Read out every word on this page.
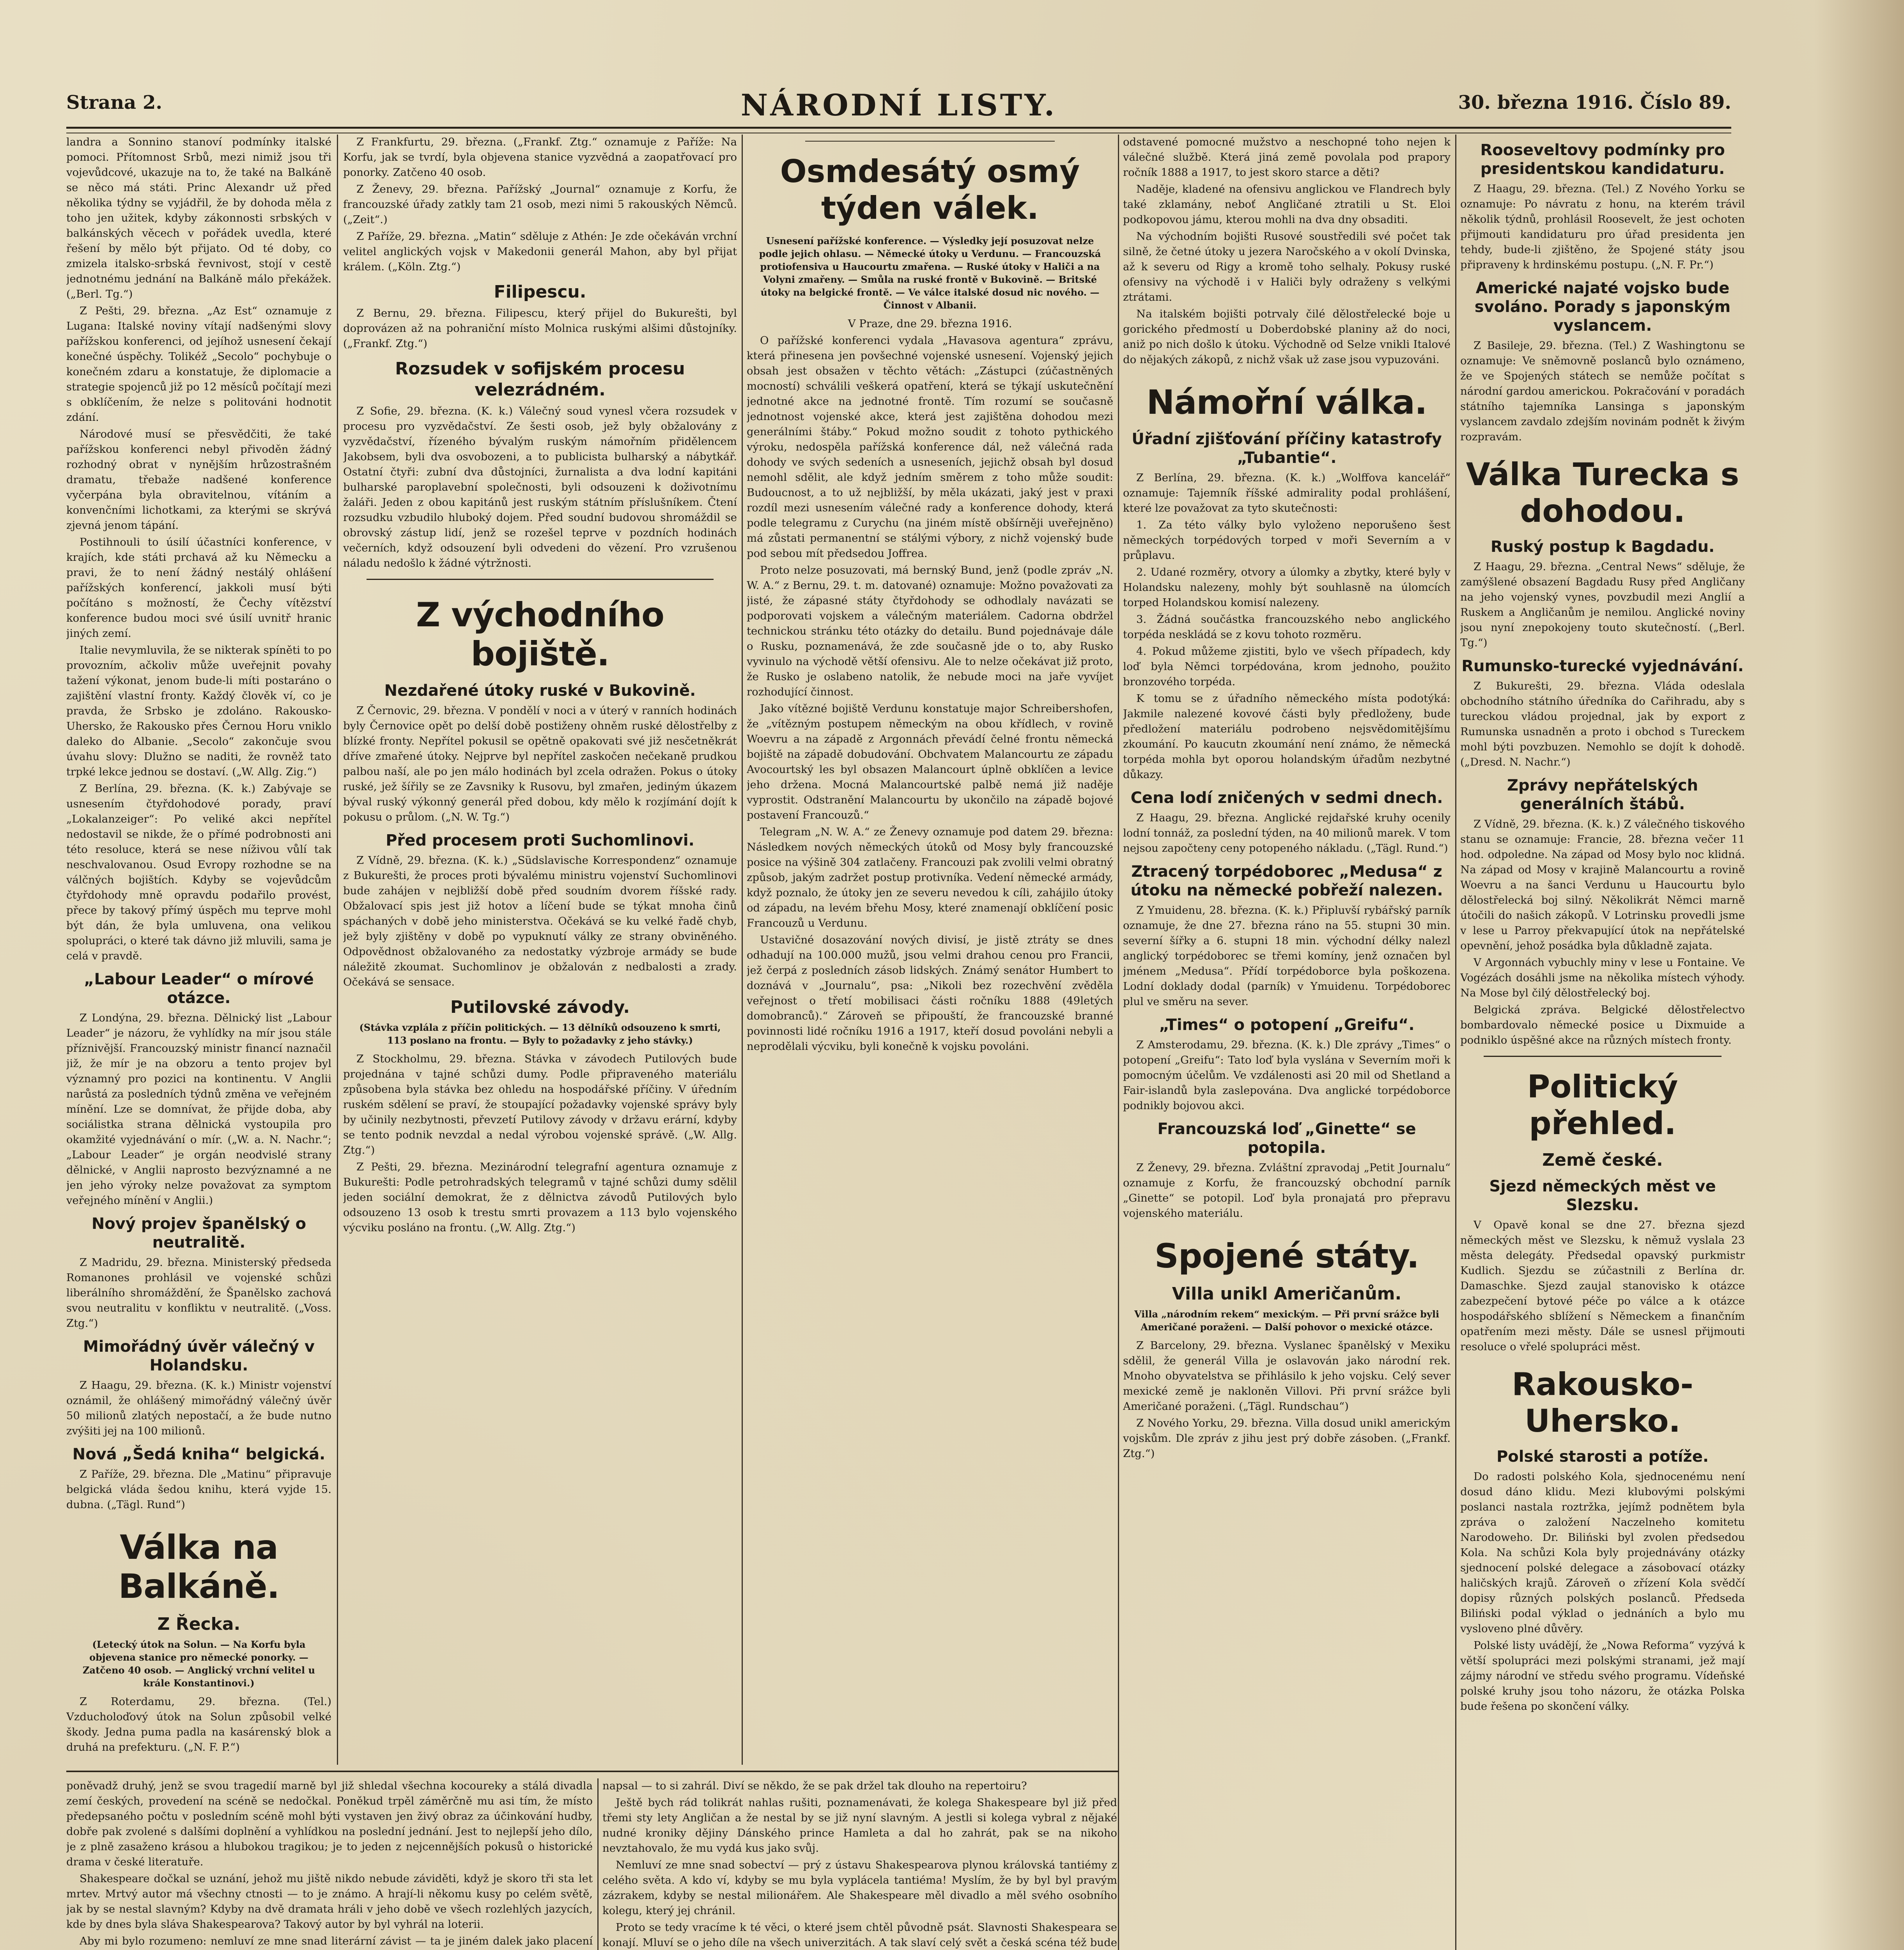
Strana 2.	NÁRODNÍ LISTY.	30. března 1916. Číslo 89.

landra a Sonnino stanoví podmínky italské pomoci. Přítomnost Srbů, mezi nimiž jsou tři vojevůdcové, ukazuje na to, že také na Balkáně se něco má státi. Princ Alexandr už před několika týdny se vyjádřil, že by dohoda měla z toho jen užitek, kdyby zákonnosti srbských v balkánských věcech v pořádek uvedla, které řešení by mělo být přijato. Od té doby, co zmizela italsko-srbská řevnivost, stojí v cestě jednotnému jednání na Balkáně málo překážek. („Berl. Tg.“)

Z Pešti, 29. března. „Az Est“ oznamuje z Lugana: Italské noviny vítají nadšenými slovy pařížskou konferenci, od jejíhož usnesení čekají konečné úspěchy. Tolikéž „Secolo“ pochybuje o konečném zdaru a konstatuje, že diplomacie a strategie spojenců již po 12 měsíců počítají mezi s obklíčením, že nelze s politováni hodnotit zdání.

Národové musí se přesvědčiti, že také pařížskou konferenci nebyl přivoděn žádný rozhodný obrat v nynějším hrůzostrašném dramatu, třebaže nadšené konference vyčerpána byla obravitelnou, vítáním a konvenčními lichotkami, za kterými se skrývá zjevná jenom tápání.

Postihnouli to úsilí účastníci konference, v krajích, kde státi prchavá až ku Německu a pravi, že to není žádný nestálý ohlášení pařížských konferencí, jakkoli musí býti počítáno s možností, že Čechy vítězství konference budou moci své úsilí uvnitř hranic jiných zemí.

Italie nevymluvila, že se nikterak spíněti to po provozním, ačkoliv může uveřejnit povahy tažení výkonat, jenom bude-li míti postaráno o zajištění vlastní fronty. Každý člověk ví, co je pravda, že Srbsko je zdoláno. Rakousko-Uhersko, že Rakousko přes Černou Horu vniklo daleko do Albanie. „Secolo“ zakončuje svou úvahu slovy: Dlužno se naditi, že rovněž tato trpké lekce jednou se dostaví. („W. Allg. Zig.“)

Z Berlína, 29. března. (K. k.) Zabývaje se usnesením čtyřdohodové porady, praví „Lokalanzeiger“: Po veliké akci nepřítel nedostavil se nikde, že o přímé podrobnosti ani této resoluce, která se nese níživou vůlí tak neschvalovanou. Osud Evropy rozhodne se na válčných bojištích. Kdyby se vojevůdcům čtyřdohody mně opravdu podařilo provést, přece by takový přímý úspěch mu teprve mohl být dán, že byla umluvena, ona velikou spolupráci, o které tak dávno již mluvili, sama je celá v pravdě.

„Labour Leader“ o mírové otázce.

Z Londýna, 29. března. Dělnický list „Labour Leader“ je názoru, že vyhlídky na mír jsou stále příznivější. Francouzský ministr financí naznačil již, že mír je na obzoru a tento projev byl významný pro pozici na kontinentu. V Anglii narůstá za posledních týdnů změna ve veřejném mínění. Lze se domnívat, že přijde doba, aby sociálistka strana dělnická vystoupila pro okamžité vyjednávání o mír. („W. a. N. Nachr.“; „Labour Leader“ je orgán neodvislé strany dělnické, v Anglii naprosto bezvýznamné a ne jen jeho výroky nelze považovat za symptom veřejného mínění v Anglii.)

Nový projev španělský o neutralitě.

Z Madridu, 29. března. Ministerský předseda Romanones prohlásil ve vojenské schůzi liberálního shromáždění, že Španělsko zachová svou neutralitu v konfliktu v neutralitě. („Voss. Ztg.“)

Mimořádný úvěr válečný v Holandsku.

Z Haagu, 29. března. (K. k.) Ministr vojenství oznámil, že ohlášený mimořádný válečný úvěr 50 milionů zlatých nepostačí, a že bude nutno zvýšiti jej na 100 milionů.

Nová „Šedá kniha“ belgická.

Z Paříže, 29. března. Dle „Matinu“ připravuje belgická vláda šedou knihu, která vyjde 15. dubna. („Tägl. Rund“)

Válka na Balkáně.
Z Řecka.
(Letecký útok na Solun. — Na Korfu byla objevena stanice pro německé ponorky. — Zatčeno 40 osob. — Anglický vrchní velitel u krále Konstantinovi.)

Z Roterdamu, 29. března. (Tel.) Vzducholoďový útok na Solun způsobil velké škody. Jedna puma padla na kasárenský blok a druhá na prefekturu. („N. F. P.“)

Z Frankfurtu, 29. března. („Frankf. Ztg.“ oznamuje z Paříže: Na Korfu, jak se tvrdí, byla objevena stanice vyzvědná a zaopatřovací pro ponorky. Zatčeno 40 osob.

Z Ženevy, 29. března. Pařížský „Journal“ oznamuje z Korfu, že francouzské úřady zatkly tam 21 osob, mezi nimi 5 rakouských Němců. („Zeit“.)

Z Paříže, 29. března. „Matin“ sděluje z Athén: Je zde očekáván vrchní velitel anglických vojsk v Makedonii generál Mahon, aby byl přijat králem. („Köln. Ztg.“)

Filipescu.

Z Bernu, 29. března. Filipescu, který přijel do Bukurešti, byl doprovázen až na pohraniční místo Molnica ruskými alšimi důstojníky. („Frankf. Ztg.“)

Rozsudek v sofijském procesu velezrádném.

Z Sofie, 29. března. (K. k.) Válečný soud vynesl včera rozsudek v procesu pro vyzvědačství. Ze šesti osob, jež byly obžalovány z vyzvědačství, řízeného bývalým ruským námořním přidělencem Jakobsem, byli dva osvobozeni, a to publicista bulharský a nábytkář. Ostatní čtyři: zubní dva důstojníci, žurnalista a dva lodní kapitáni bulharské paroplavební společnosti, byli odsouzeni k doživotnímu žaláři. Jeden z obou kapitánů jest ruským státním příslušníkem. Čtení rozsudku vzbudilo hluboký dojem. Před soudní budovou shromáždil se obrovský zástup lidí, jenž se rozešel teprve v pozdních hodinách večerních, když odsouzení byli odvedeni do vězení. Pro vzrušenou náladu nedošlo k žádné výtržnosti.

Z východního bojiště.
Nezdařené útoky ruské v Bukovině.

Z Černovic, 29. března. V pondělí v noci a v úterý v ranních hodinách byly Černovice opět po delší době postiženy ohněm ruské dělostřelby z blízké fronty. Nepřítel pokusil se opětně opakovati své již nesčetněkrát dříve zmařené útoky. Nejprve byl nepřítel zaskočen nečekaně prudkou palbou naší, ale po jen málo hodinách byl zcela odražen. Pokus o útoky ruské, jež šířily se ze Zavsniky k Rusovu, byl zmařen, jediným úkazem býval ruský výkonný generál před dobou, kdy mělo k rozjímání dojít k pokusu o průlom. („N. W. Tg.“)

Před procesem proti Suchomlinovi.

Z Vídně, 29. března. (K. k.) „Südslavische Korrespondenz“ oznamuje z Bukurešti, že proces proti bývalému ministru vojenství Suchomlinovi bude zahájen v nejbližší době před soudním dvorem říšské rady. Obžalovací spis jest již hotov a líčení bude se týkat mnoha činů spáchaných v době jeho ministerstva. Očekává se ku velké řadě chyb, jež byly zjištěny v době po vypuknutí války ze strany obviněného. Odpovědnost obžalovaného za nedostatky výzbroje armády se bude náležitě zkoumat. Suchomlinov je obžalován z nedbalosti a zrady. Očekává se sensace.

Putilovské závody.
(Stávka vzplála z příčin politických. — 13 dělníků odsouzeno k smrti, 113 poslano na frontu. — Byly to požadavky z jeho stávky.)

Z Stockholmu, 29. března. Stávka v závodech Putilových bude projednána v tajné schůzi dumy. Podle připraveného materiálu způsobena byla stávka bez ohledu na hospodářské příčiny. V úředním ruském sdělení se praví, že stoupající požadavky vojenské správy byly by učinily nezbytnosti, převzetí Putilovy závody v državu erární, kdyby se tento podnik nevzdal a nedal výrobou vojenské správě. („W. Allg. Ztg.“)

Z Pešti, 29. března. Mezinárodní telegrafní agentura oznamuje z Bukurešti: Podle petrohradských telegramů v tajné schůzi dumy sdělil jeden sociální demokrat, že z dělnictva závodů Putilových bylo odsouzeno 13 osob k trestu smrti provazem a 113 bylo vojenského výcviku posláno na frontu. („W. Allg. Ztg.“)

Osmdesátý osmý týden válek.
Usnesení pařížské konference. — Výsledky její posuzovat nelze podle jejich ohlasu. — Německé útoky u Verdunu. — Francouzská protiofensiva u Haucourtu zmařena. — Ruské útoky v Haliči a na Volyni zmařeny. — Smůla na ruské frontě v Bukovině. — Britské útoky na belgické frontě. — Ve válce italské dosud nic nového. — Činnost v Albanii.

V Praze, dne 29. března 1916.

O pařížské konferenci vydala „Havasova agentura“ zprávu, která přinesena jen povšechné vojenské usnesení. Vojenský jejich obsah jest obsažen v těchto větách: „Zástupci (zúčastněných mocností) schválili veškerá opatření, která se týkají uskutečnění jednotné akce na jednotné frontě. Tím rozumí se současně jednotnost vojenské akce, která jest zajištěna dohodou mezi generálními štáby.“ Pokud možno soudit z tohoto pythického výroku, nedospěla pařížská konference dál, než válečná rada dohody ve svých sedeních a usneseních, jejichž obsah byl dosud nemohl sdělit, ale když jedním směrem z toho může soudit: Budoucnost, a to už nejbližší, by měla ukázati, jaký jest v praxi rozdíl mezi usnesením válečné rady a konference dohody, která podle telegramu z Curychu (na jiném místě obšírněji uveřejněno) má zůstati permanentní se stálými výbory, z nichž vojenský bude pod sebou mít předsedou Joffrea.

Proto nelze posuzovati, má bernský Bund, jenž (podle zpráv „N. W. A.“ z Bernu, 29. t. m. datované) oznamuje: Možno považovati za jisté, že zápasné státy čtyřdohody se odhodlaly navázati se podporovati vojskem a válečným materiálem. Cadorna obdržel technickou stránku této otázky do detailu. Bund pojednávaje dále o Rusku, poznamenává, že zde současně jde o to, aby Rusko vyvinulo na východě větší ofensivu. Ale to nelze očekávat již proto, že Rusko je oslabeno natolik, že nebude moci na jaře vyvíjet rozhodující činnost.

Jako vítězné bojiště Verdunu konstatuje major Schreibershofen, že „vítězným postupem německým na obou křídlech, v rovině Woevru a na západě z Argonnách převádí čelné frontu německá bojiště na západě dobudování. Obchvatem Malancourtu ze západu Avocourtský les byl obsazen Malancourt úplně obklíčen a levice jeho držena. Mocná Malancourtské palbě nemá již naděje vyprostit. Odstranění Malancourtu by ukončilo na západě bojové postavení Francouzů.“

Telegram „N. W. A.“ ze Ženevy oznamuje pod datem 29. března: Následkem nových německých útoků od Mosy byly francouzské posice na výšině 304 zatlačeny. Francouzi pak zvolili velmi obratný způsob, jakým zadržet postup protivníka. Vedení německé armády, když poznalo, že útoky jen ze severu nevedou k cíli, zahájilo útoky od západu, na levém břehu Mosy, které znamenají obklíčení posic Francouzů u Verdunu.

Ustavičné dosazování nových divisí, je jistě ztráty se dnes odhadují na 100.000 mužů, jsou velmi drahou cenou pro Francii, jež čerpá z posledních zásob lidských. Známý senátor Humbert to doznává v „Journalu“, psa: „Nikoli bez rozechvění zvěděla veřejnost o třetí mobilisaci části ročníku 1888 (49letých domobranců).“ Zároveň se připouští, že francouzské branné povinnosti lidé ročníku 1916 a 1917, kteří dosud povoláni nebyli a neprodělali výcviku, byli konečně k vojsku povoláni.

odstavené pomocné mužstvo a neschopné toho nejen k válečné službě. Která jiná země povolala pod prapory ročník 1888 a 1917, to jest skoro starce a děti?

Naděje, kladené na ofensivu anglickou ve Flandrech byly také zklamány, neboť Angličané ztratili u St. Eloi podkopovou jámu, kterou mohli na dva dny obsaditi.

Na východním bojišti Rusové soustředili své počet tak silně, že četné útoky u jezera Naročského a v okolí Dvinska, až k severu od Rigy a kromě toho selhaly. Pokusy ruské ofensivy na východě i v Haliči byly odraženy s velkými ztrátami.

Na italském bojišti potrvaly čilé dělostřelecké boje u gorického předmostí u Doberdobské planiny až do noci, aniž po nich došlo k útoku. Východně od Selze vnikli Italové do nějakých zákopů, z nichž však už zase jsou vypuzováni.

Námořní válka.
Úřadní zjišťování příčiny katastrofy „Tubantie“.

Z Berlína, 29. března. (K. k.) „Wolffova kancelář“ oznamuje: Tajemník říšské admirality podal prohlášení, které lze považovat za tyto skutečnosti:

1. Za této války bylo vyloženo neporušeno šest německých torpédových torped v moři Severním a v průplavu.

2. Udané rozměry, otvory a úlomky a zbytky, které byly v Holandsku nalezeny, mohly být souhlasně na úlomcích torped Holandskou komisí nalezeny.

3. Žádná součástka francouzského nebo anglického torpéda neskládá se z kovu tohoto rozměru.

4. Pokud můžeme zjistiti, bylo ve všech případech, kdy loď byla Němci torpédována, krom jednoho, použito bronzového torpéda.

K tomu se z úřadního německého místa podotýká: Jakmile nalezené kovové části byly předloženy, bude předložení materiálu podrobeno nejsvědomitějšímu zkoumání. Po kaucutn zkoumání není známo, že německá torpéda mohla byt oporou holandským úřadům nezbytné důkazy.

Cena lodí zničených v sedmi dnech.

Z Haagu, 29. března. Anglické rejdařské kruhy ocenily lodní tonnáž, za poslední týden, na 40 milionů marek. V tom nejsou započteny ceny potopeného nákladu. („Tägl. Rund.“)

Ztracený torpédoborec „Medusa“ z útoku na německé pobřeží nalezen.

Z Ymuidenu, 28. března. (K. k.) Připluvší rybářský parník oznamuje, že dne 27. března ráno na 55. stupni 30 min. severní šířky a 6. stupni 18 min. východní délky nalezl anglický torpédoborec se třemi komíny, jenž označen byl jménem „Medusa“. Přídí torpédoborce byla poškozena. Lodní doklady dodal (parník) v Ymuidenu. Torpédoborec plul ve směru na sever.

„Times“ o potopení „Greifu“.

Z Amsterodamu, 29. března. (K. k.) Dle zprávy „Times“ o potopení „Greifu“: Tato loď byla vyslána v Severním moři k pomocným účelům. Ve vzdálenosti asi 20 mil od Shetland a Fair-islandů byla zaslepována. Dva anglické torpédoborce podnikly bojovou akci.

Francouzská loď „Ginette“ se potopila.

Z Ženevy, 29. března. Zvláštní zpravodaj „Petit Journalu“ oznamuje z Korfu, že francouzský obchodní parník „Ginette“ se potopil. Loď byla pronajatá pro přepravu vojenského materiálu.

Spojené státy.
Villa unikl Američanům.
Villa „národním rekem“ mexickým. — Při první srážce byli Američané poraženi. — Další pohovor o mexické otázce.

Z Barcelony, 29. března. Vyslanec španělský v Mexiku sdělil, že generál Villa je oslavován jako národní rek. Mnoho obyvatelstva se přihlásilo k jeho vojsku. Celý sever mexické země je nakloněn Villovi. Při první srážce byli Američané poraženi. („Tägl. Rundschau“)

Z Nového Yorku, 29. března. Villa dosud unikl americkým vojskům. Dle zpráv z jihu jest prý dobře zásoben. („Frankf. Ztg.“)

Rooseveltovy podmínky pro presidentskou kandidaturu.

Z Haagu, 29. března. (Tel.) Z Nového Yorku se oznamuje: Po návratu z honu, na kterém trávil několik týdnů, prohlásil Roosevelt, že jest ochoten přijmouti kandidaturu pro úřad presidenta jen tehdy, bude-li zjištěno, že Spojené státy jsou připraveny k hrdinskému postupu. („N. F. Pr.“)

Americké najaté vojsko bude svoláno. Porady s japonským vyslancem.

Z Basileje, 29. března. (Tel.) Z Washingtonu se oznamuje: Ve sněmovně poslanců bylo oznámeno, že ve Spojených státech se nemůže počítat s národní gardou americkou. Pokračování v poradách státního tajemníka Lansinga s japonským vyslancem zavdalo zdejším novinám podnět k živým rozpravám.

Válka Turecka s dohodou.
Ruský postup k Bagdadu.

Z Haagu, 29. března. „Central News“ sděluje, že zamýšlené obsazení Bagdadu Rusy před Angličany na jeho vojenský vynes, povzbudil mezi Anglií a Ruskem a Angličanům je nemilou. Anglické noviny jsou nyní znepokojeny touto skutečností. („Berl. Tg.“)

Rumunsko-turecké vyjednávání.

Z Bukurešti, 29. března. Vláda odeslala obchodního státního úředníka do Cařihradu, aby s tureckou vládou projednal, jak by export z Rumunska usnadněn a proto i obchod s Tureckem mohl býti povzbuzen. Nemohlo se dojít k dohodě. („Dresd. N. Nachr.“)

Zprávy nepřátelských generálních štábů.

Z Vídně, 29. března. (K. k.) Z válečného tiskového stanu se oznamuje: Francie, 28. března večer 11 hod. odpoledne. Na západ od Mosy bylo noc klidná. Na západ od Mosy v krajině Malancourtu a rovině Woevru a na šanci Verdunu u Haucourtu bylo dělostřelecká boj silný. Několikrát Němci marně útočili do našich zákopů. V Lotrinsku provedli jsme v lese u Parroy překvapující útok na nepřátelské opevnění, jehož posádka byla důkladně zajata.

V Argonnách vybuchly miny v lese u Fontaine. Ve Vogézách dosáhli jsme na několika místech výhody. Na Mose byl čilý dělostřelecký boj.

Belgická zpráva. Belgické dělostřelectvo bombardovalo německé posice u Dixmuide a podniklo úspěšné akce na různých místech fronty.

Politický přehled.
Země české.
Sjezd německých měst ve Slezsku.

V Opavě konal se dne 27. března sjezd německých měst ve Slezsku, k němuž vyslala 23 města delegáty. Předsedal opavský purkmistr Kudlich. Sjezdu se zúčastnili z Berlína dr. Damaschke. Sjezd zaujal stanovisko k otázce zabezpečení bytové péče po válce a k otázce hospodářského sblížení s Německem a finančním opatřením mezi městy. Dále se usnesl přijmouti resoluce o vřelé spolupráci měst.

Rakousko-Uhersko.
Polské starosti a potíže.

Do radosti polského Kola, sjednocenému není dosud dáno klidu. Mezi klubovými polskými poslanci nastala roztržka, jejímž podnětem byla zpráva o založení Naczelneho komitetu Narodoweho. Dr. Biliński byl zvolen předsedou Kola. Na schůzi Kola byly projednávány otázky sjednocení polské delegace a zásobovací otázky haličských krajů. Zároveň o zřízení Kola svědčí dopisy různých polských poslanců. Předseda Biliński podal výklad o jednáních a bylo mu vysloveno plné důvěry.

Polské listy uvádějí, že „Nowa Reforma“ vyzývá k větší spolupráci mezi polskými stranami, jež mají zájmy národní ve středu svého programu. Vídeňské polské kruhy jsou toho názoru, že otázka Polska bude řešena po skončení války.

poněvadž druhý, jenž se svou tragedií marně byl již shledal všechna kocoureky a stálá divadla zemí českých, provedení na scéně se nedočkal. Poněkud trpěl záměrčně mu asi tím, že místo předepsaného počtu v posledním scéně mohl býti vystaven jen živý obraz za účinkování hudby, dobře pak zvolené s dalšími doplnění a vyhlídkou na poslední jednání. Jest to nejlepší jeho dílo, je z plně zasaženo krásou a hlubokou tragikou; je to jeden z nejcennějších pokusů o historické drama v české literatuře.

Shakespeare dočkal se uznání, jehož mu jiště nikdo nebude záviděti, když je skoro tři sta let mrtev. Mrtvý autor má všechny ctnosti — to je známo. A hrají-li někomu kusy po celém světě, jak by se nestal slavným? Kdyby na dvě dramata hráli v jeho době ve všech rozlehlých jazycích, kde by dnes byla sláva Shakespearova? Takový autor by byl vyhrál na loterii.

Aby mi bylo rozumeno: nemluví ze mne snad literární závist — ta je jiném dalek jako placení

napsal — to si zahrál. Diví se někdo, že se pak držel tak dlouho na repertoiru?

Ještě bych rád tolikrát nahlas rušiti, poznamenávati, že kolega Shakespeare byl již před třemi sty lety Angličan a že nestal by se již nyní slavným. A jestli si kolega vybral z nějaké nudné kroniky dějiny Dánského prince Hamleta a dal ho zahrát, pak se na nikoho nevztahovalo, že mu vydá kus jako svůj.

Nemluví ze mne snad sobectví — prý z ústavu Shakespearova plynou královská tantiémy z celého světa. A kdo ví, kdyby se mu byla vyplácela tantiéma! Myslím, že by byl byl pravým zázrakem, kdyby se nestal milionářem. Ale Shakespeare měl divadlo a měl svého osobního kolegu, který jej chránil.

Proto se tedy vracíme k té věci, o které jsem chtěl původně psát. Slavnosti Shakespeara se konají. Mluví se o jeho díle na všech univerzitách. A tak slaví celý svět a česká scéna též bude
